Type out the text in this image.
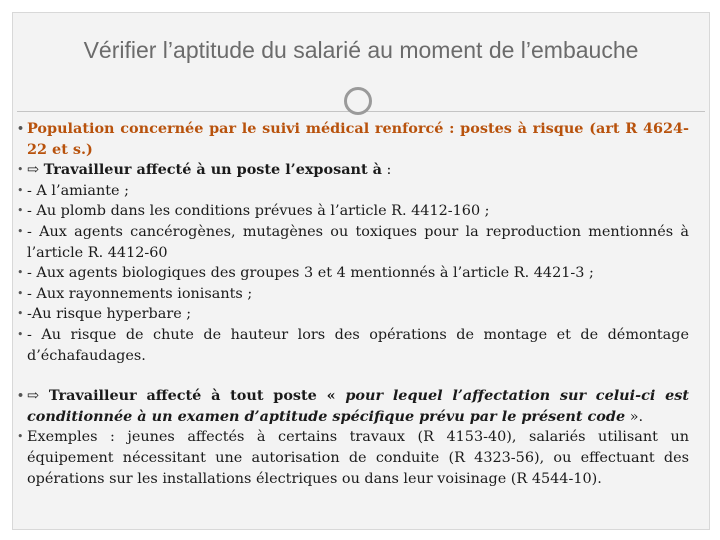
Vérifier l’aptitude du salarié au moment de l’embauche
• Population concernée par le suivi médical renforcé : postes à risque (art R 4624-22 et s.)
• ⇨ Travailleur affecté à un poste l’exposant à :
• - A l’amiante ;
• - Au plomb dans les conditions prévues à l’article R. 4412-160 ;
• - Aux agents cancérogènes, mutagènes ou toxiques pour la reproduction mentionnés à l’article R. 4412-60
• - Aux agents biologiques des groupes 3 et 4 mentionnés à l’article R. 4421-3 ;
• - Aux rayonnements ionisants ;
• -Au risque hyperbare ;
• - Au risque de chute de hauteur lors des opérations de montage et de démontage d’échafaudages.
• ⇨ Travailleur affecté à tout poste « pour lequel l’affectation sur celui-ci est conditionnée à un examen d’aptitude spécifique prévu par le présent code ».
• Exemples : jeunes affectés à certains travaux (R 4153-40), salariés utilisant un équipement nécessitant une autorisation de conduite (R 4323-56), ou effectuant des opérations sur les installations électriques ou dans leur voisinage (R 4544-10).
